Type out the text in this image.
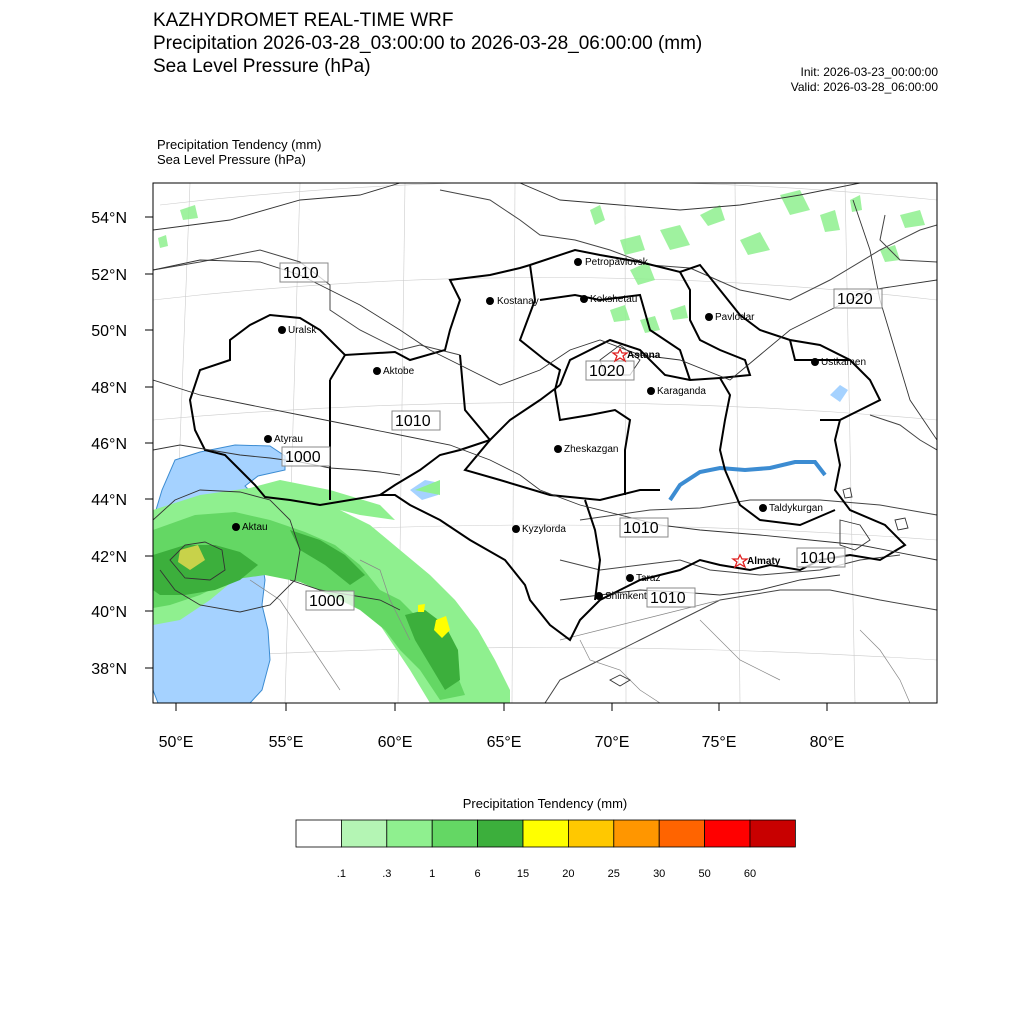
KAZHYDROMET REAL-TIME WRF
Precipitation 2026-03-28_03:00:00 to 2026-03-28_06:00:00 (mm)
Sea Level Pressure (hPa)	Init: 2026-03-23_00:00:00
Valid: 2026-03-28_06:00:00
Precipitation Tendency (mm)
Sea Level Pressure (hPa)
54°N
52°N
50°N
48°N
46°N
44°N
42°N
40°N
38°N
50°E	55°E	60°E	65°E	70°E	75°E	80°E
1010
1020
1020
1010
1000
1010
1000
1010
1010
Petropavlovsk
Kostanay	Kokshetau
Pavlodar
Uralsk
Astana
Aktobe
Ustkamen
Karaganda
Atyrau
Zheskazgan
Aktau	Kyzylorda
Taldykurgan
Almaty
Taraz
Shimkent
Precipitation Tendency (mm)
.1	.3	1	6	15	20	25	30	50	60
